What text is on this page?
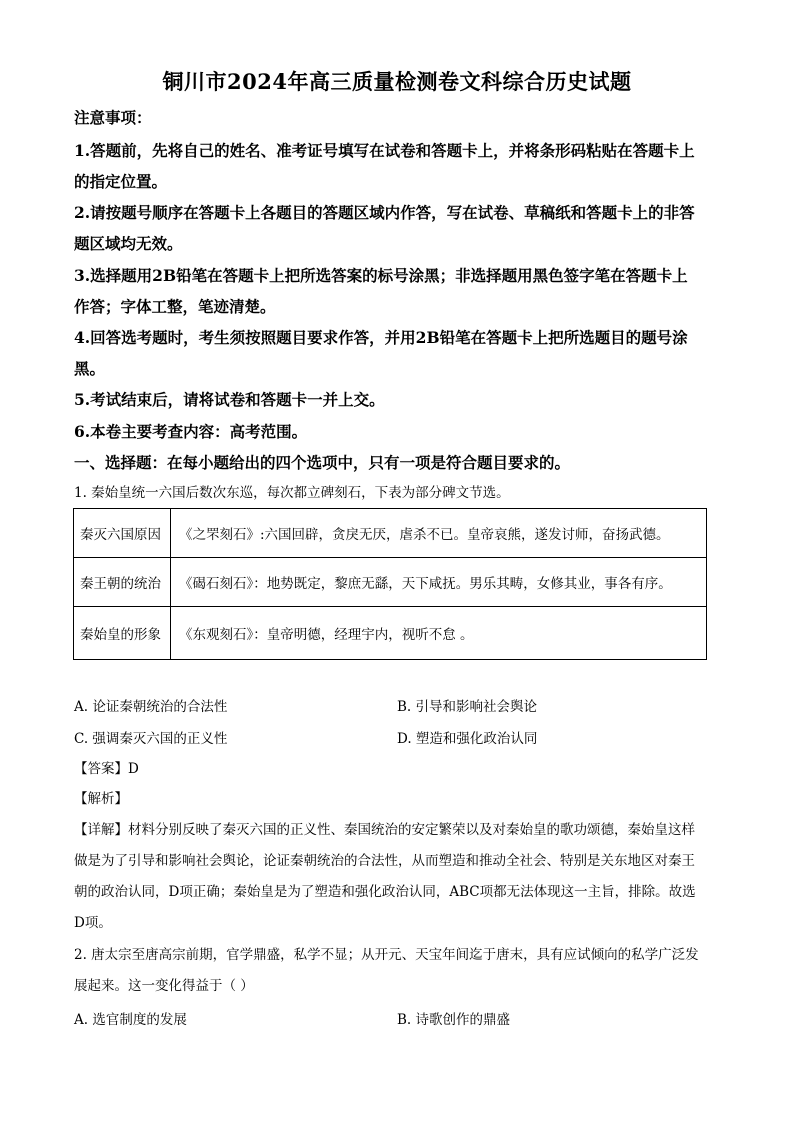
铜川市2024年高三质量检测卷文科综合历史试题
注意事项：
1.答题前，先将自己的姓名、准考证号填写在试卷和答题卡上，并将条形码粘贴在答题卡上
的指定位置。
2.请按题号顺序在答题卡上各题目的答题区域内作答，写在试卷、草稿纸和答题卡上的非答
题区域均无效。
3.选择题用2B铅笔在答题卡上把所选答案的标号涂黑；非选择题用黑色签字笔在答题卡上
作答；字体工整，笔迹清楚。
4.回答选考题时，考生须按照题目要求作答，并用2B铅笔在答题卡上把所选题目的题号涂
黑。
5.考试结束后，请将试卷和答题卡一并上交。
6.本卷主要考查内容：高考范围。
一、选择题：在每小题给出的四个选项中，只有一项是符合题目要求的。
1. 秦始皇统一六国后数次东巡，每次都立碑刻石，下表为部分碑文节选。
秦灭六国原因	《之罘刻石》:六国回辟，贪戾无厌，虐杀不已。皇帝哀熊，遂发讨师，奋扬武德。
秦王朝的统治	《碣石刻石》：地势既定，黎庶无繇，天下咸抚。男乐其畴，女修其业，事各有序。
秦始皇的形象	《东观刻石》：皇帝明德，经理宇内，视听不怠 。
A. 论证秦朝统治的合法性	B. 引导和影响社会舆论
C. 强调秦灭六国的正义性	D. 塑造和强化政治认同
【答案】D
【解析】
【详解】材料分别反映了秦灭六国的正义性、秦国统治的安定繁荣以及对秦始皇的歌功颂德，秦始皇这样
做是为了引导和影响社会舆论，论证秦朝统治的合法性，从而塑造和推动全社会、特别是关东地区对秦王
朝的政治认同，D项正确；秦始皇是为了塑造和强化政治认同，ABC项都无法体现这一主旨，排除。故选
D项。
2. 唐太宗至唐高宗前期，官学鼎盛，私学不显；从开元、天宝年间迄于唐末，具有应试倾向的私学广泛发
展起来。这一变化得益于（ ）
A. 选官制度的发展	B. 诗歌创作的鼎盛
